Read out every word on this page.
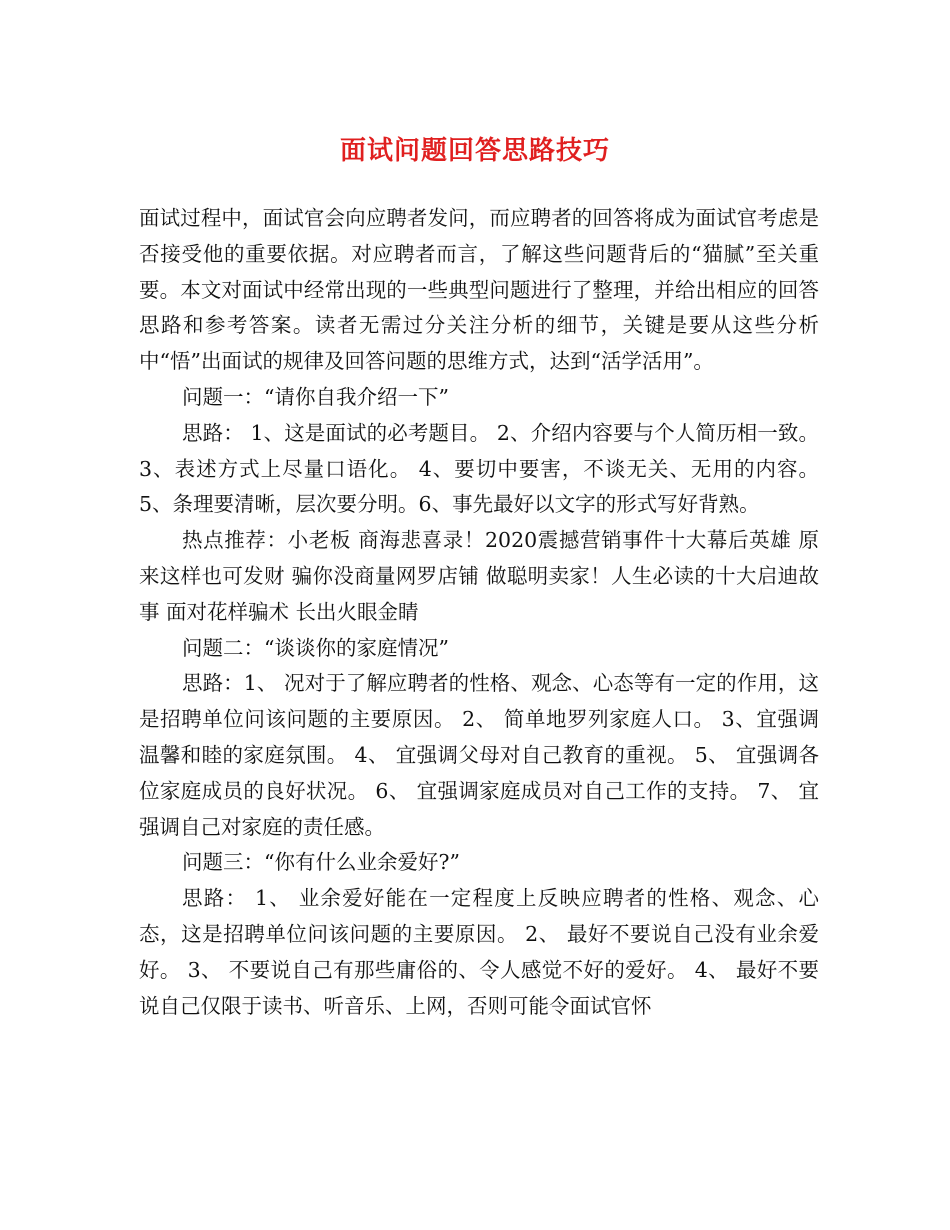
面试问题回答思路技巧

面试过程中，面试官会向应聘者发问，而应聘者的回答将成为面试官考虑是否接受他的重要依据。对应聘者而言，了解这些问题背后的“猫腻”至关重要。本文对面试中经常出现的一些典型问题进行了整理，并给出相应的回答思路和参考答案。读者无需过分关注分析的细节，关键是要从这些分析中“悟”出面试的规律及回答问题的思维方式，达到“活学活用”。

问题一：“请你自我介绍一下”

思路： 1、这是面试的必考题目。 2、介绍内容要与个人简历相一致。 3、表述方式上尽量口语化。 4、要切中要害，不谈无关、无用的内容。 5、条理要清晰，层次要分明。6、事先最好以文字的形式写好背熟。

热点推荐：小老板 商海悲喜录！2020震撼营销事件十大幕后英雄 原来这样也可发财 骗你没商量网罗店铺 做聪明卖家！人生必读的十大启迪故事 面对花样骗术 长出火眼金睛

问题二：“谈谈你的家庭情况”

思路：1、 况对于了解应聘者的性格、观念、心态等有一定的作用，这是招聘单位问该问题的主要原因。 2、 简单地罗列家庭人口。 3、宜强调温馨和睦的家庭氛围。 4、 宜强调父母对自己教育的重视。 5、 宜强调各位家庭成员的良好状况。 6、 宜强调家庭成员对自己工作的支持。 7、 宜强调自己对家庭的责任感。

问题三：“你有什么业余爱好?”

思路： 1、 业余爱好能在一定程度上反映应聘者的性格、观念、心态，这是招聘单位问该问题的主要原因。 2、 最好不要说自己没有业余爱好。 3、 不要说自己有那些庸俗的、令人感觉不好的爱好。 4、 最好不要说自己仅限于读书、听音乐、上网，否则可能令面试官怀
